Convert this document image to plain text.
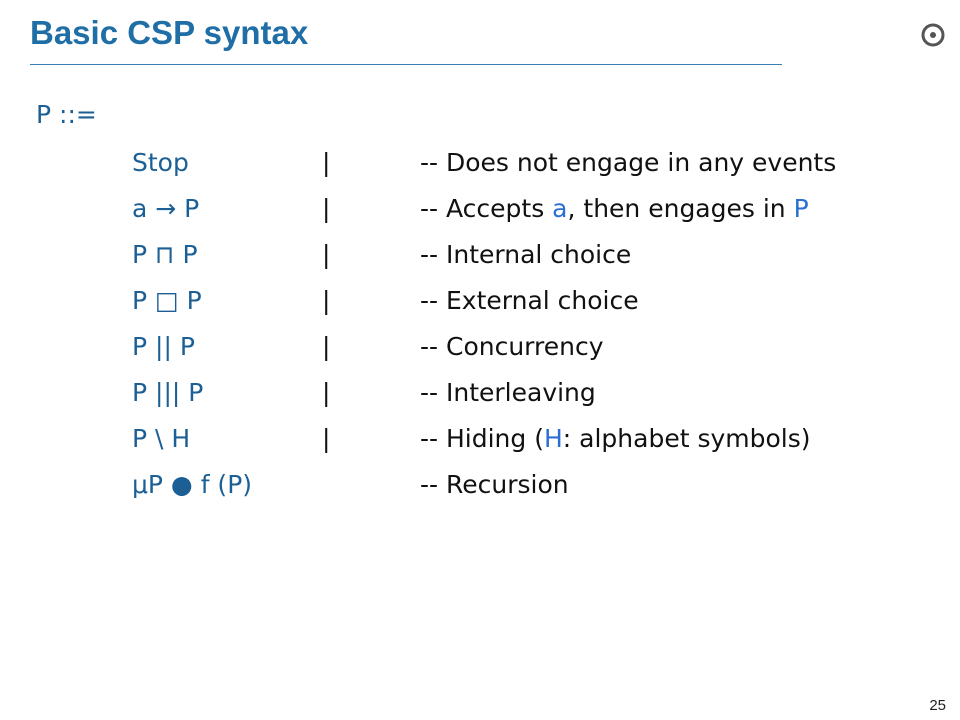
Basic CSP syntax
P ::=
Stop	|	-- Does not engage in any events
a → P	|	-- Accepts a, then engages in P
P ⊓ P	|	-- Internal choice
P □ P	|	-- External choice
P || P	|	-- Concurrency
P ||| P	|	-- Interleaving
P \ H	|	-- Hiding (H: alphabet symbols)
μP ● f (P)	-- Recursion
25
